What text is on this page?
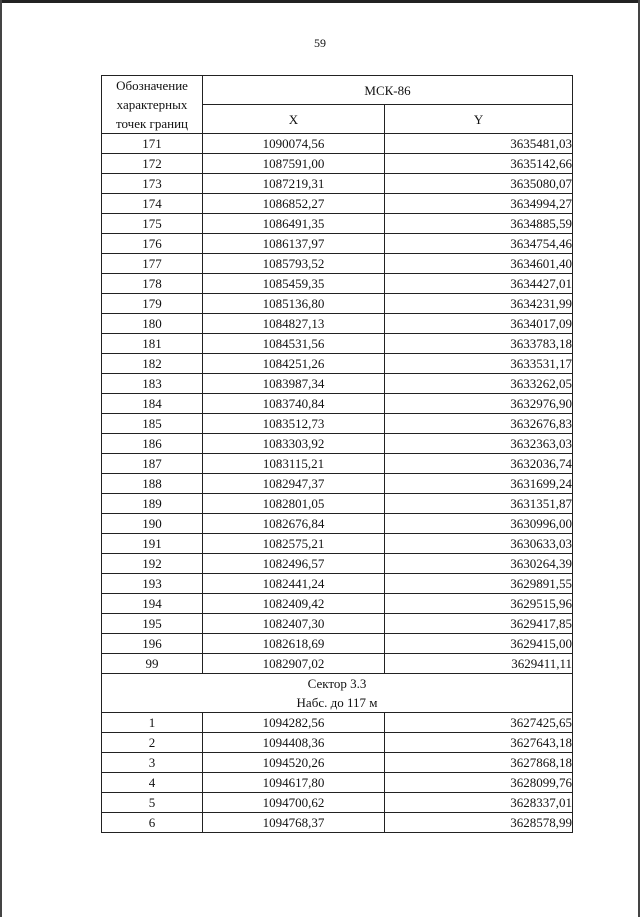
59
Обозначение
характерных
точек границ	МСК-86	
	X	Y
171	1090074,56	3635481,03
172	1087591,00	3635142,66
173	1087219,31	3635080,07
174	1086852,27	3634994,27
175	1086491,35	3634885,59
176	1086137,97	3634754,46
177	1085793,52	3634601,40
178	1085459,35	3634427,01
179	1085136,80	3634231,99
180	1084827,13	3634017,09
181	1084531,56	3633783,18
182	1084251,26	3633531,17
183	1083987,34	3633262,05
184	1083740,84	3632976,90
185	1083512,73	3632676,83
186	1083303,92	3632363,03
187	1083115,21	3632036,74
188	1082947,37	3631699,24
189	1082801,05	3631351,87
190	1082676,84	3630996,00
191	1082575,21	3630633,03
192	1082496,57	3630264,39
193	1082441,24	3629891,55
194	1082409,42	3629515,96
195	1082407,30	3629417,85
196	1082618,69	3629415,00
99	1082907,02	3629411,11
Сектор 3.3
Набс. до 117 м		
1	1094282,56	3627425,65
2	1094408,36	3627643,18
3	1094520,26	3627868,18
4	1094617,80	3628099,76
5	1094700,62	3628337,01
6	1094768,37	3628578,99
